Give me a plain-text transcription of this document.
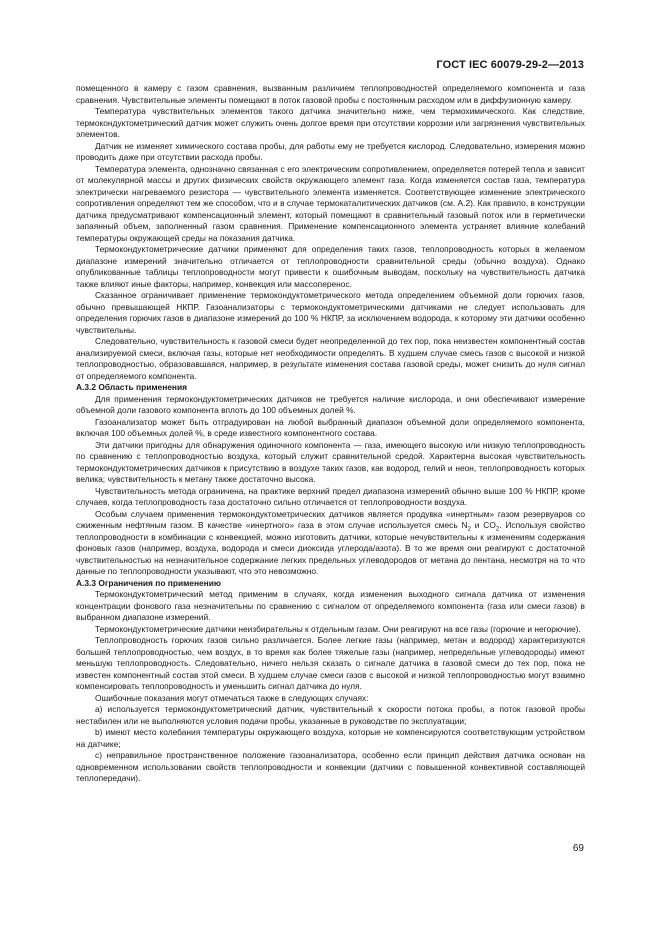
ГОСТ IEC 60079-29-2—2013

помещенного в камеру с газом сравнения, вызванным различием теплопроводностей определяемого компонента и газа сравнения. Чувствительные элементы помещают в поток газовой пробы с постоянным расходом или в диффузионную камеру.

Температура чувствительных элементов такого датчика значительно ниже, чем термохимического. Как следствие, термокондуктометрический датчик может служить очень долгое время при отсутствии коррозии или загрязнения чувствительных элементов.

Датчик не изменяет химического состава пробы, для работы ему не требуется кислород. Следовательно, измерения можно проводить даже при отсутствии расхода пробы.

Температура элемента, однозначно связанная с его электрическим сопротивлением, определяется потерей тепла и зависит от молекулярной массы и других физических свойств окружающего элемент газа. Когда изменяется состав газа, температура электрически нагреваемого резистора — чувствительного элемента изменяется. Соответствующее изменение электрического сопротивления определяют тем же способом, что и в случае термокаталитических датчиков (см. А.2). Как правило, в конструкции датчика предусматривают компенсационный элемент, который помещают в сравнительный газовый поток или в герметически запаянный объем, заполненный газом сравнения. Применение компенсационного элемента устраняет влияние колебаний температуры окружающей среды на показания датчика.

Термокондуктометрические датчики применяют для определения таких газов, теплопроводность которых в желаемом диапазоне измерений значительно отличается от теплопроводности сравнительной среды (обычно воздуха). Однако опубликованные таблицы теплопроводности могут привести к ошибочным выводам, поскольку на чувствительность датчика также влияют иные факторы, например, конвекция или массоперенос.

Сказанное ограничивает применение термокондуктометрического метода определением объемной доли горючих газов, обычно превышающей НКПР. Газоанализаторы с термокондуктометрическими датчиками не следует использовать для определения горючих газов в диапазоне измерений до 100 % НКПР, за исключением водорода, к которому эти датчики особенно чувствительны.

Следовательно, чувствительность к газовой смеси будет неопределенной до тех пор, пока неизвестен компонентный состав анализируемой смеси, включая газы, которые нет необходимости определять. В худшем случае смесь газов с высокой и низкой теплопроводностью, образовавшаяся, например, в результате изменения состава газовой среды, может снизить до нуля сигнал от определяемого компонента.

А.3.2 Область применения

Для применения термокондуктометрических датчиков не требуется наличие кислорода, и они обеспечивают измерение объемной доли газового компонента вплоть до 100 объемных долей %.

Газоанализатор может быть отградуирован на любой выбранный диапазон объемной доли определяемого компонента, включая 100 объемных долей %, в среде известного компонентного состава.

Эти датчики пригодны для обнаружения одиночного компонента — газа, имеющего высокую или низкую теплопроводность по сравнению с теплопроводностью воздуха, который служит сравнительной средой. Характерна высокая чувствительность термокондуктометрических датчиков к присутствию в воздухе таких газов, как водород, гелий и неон, теплопроводность которых велика; чувствительность к метану также достаточно высока.

Чувствительность метода ограничена, на практике верхний предел диапазона измерений обычно выше 100 % НКПР, кроме случаев, когда теплопроводность газа достаточно сильно отличается от теплопроводности воздуха.

Особым случаем применения термокондуктометрических датчиков является продувка «инертным» газом резервуаров со сжиженным нефтяным газом. В качестве «инертного» газа в этом случае используется смесь $N_2$ и $CO_2$. Используя свойство теплопроводности в комбинации с конвекцией, можно изготовить датчики, которые нечувствительны к изменениям содержания фоновых газов (например, воздуха, водорода и смеси диоксида углерода/азота). В то же время они реагируют с достаточной чувствительностью на незначительное содержание легких предельных углеводородов от метана до пентана, несмотря на то что данные по теплопроводности указывают, что это невозможно.

А.3.3 Ограничения по применению

Термокондуктометрический метод применим в случаях, когда изменения выходного сигнала датчика от изменения концентрации фонового газа незначительны по сравнению с сигналом от определяемого компонента (газа или смеси газов) в выбранном диапазоне измерений.

Термокондуктометрические датчики неизбирательны к отдельным газам. Они реагируют на все газы (горючие и негорючие).

Теплопроводность горючих газов сильно различается. Более легкие газы (например, метан и водород) характеризуются большей теплопроводностью, чем воздух, в то время как более тяжелые газы (например, непредельные углеводороды) имеют меньшую теплопроводность. Следовательно, ничего нельзя сказать о сигнале датчика в газовой смеси до тех пор, пока не известен компонентный состав этой смеси. В худшем случае смеси газов с высокой и низкой теплопроводностью могут взаимно компенсировать теплопроводность и уменьшить сигнал датчика до нуля.

Ошибочные показания могут отмечаться также в следующих случаях:

а) используется термокондуктометрический датчик, чувствительный к скорости потока пробы, а поток газовой пробы нестабилен или не выполняются условия подачи пробы, указанные в руководстве по эксплуатации;

b) имеют место колебания температуры окружающего воздуха, которые не компенсируются соответствующим устройством на датчике;

с) неправильное пространственное положение газоанализатора, особенно если принцип действия датчика основан на одновременном использовании свойств теплопроводности и конвекции (датчики с повышенной конвективной составляющей теплопередачи).

69
